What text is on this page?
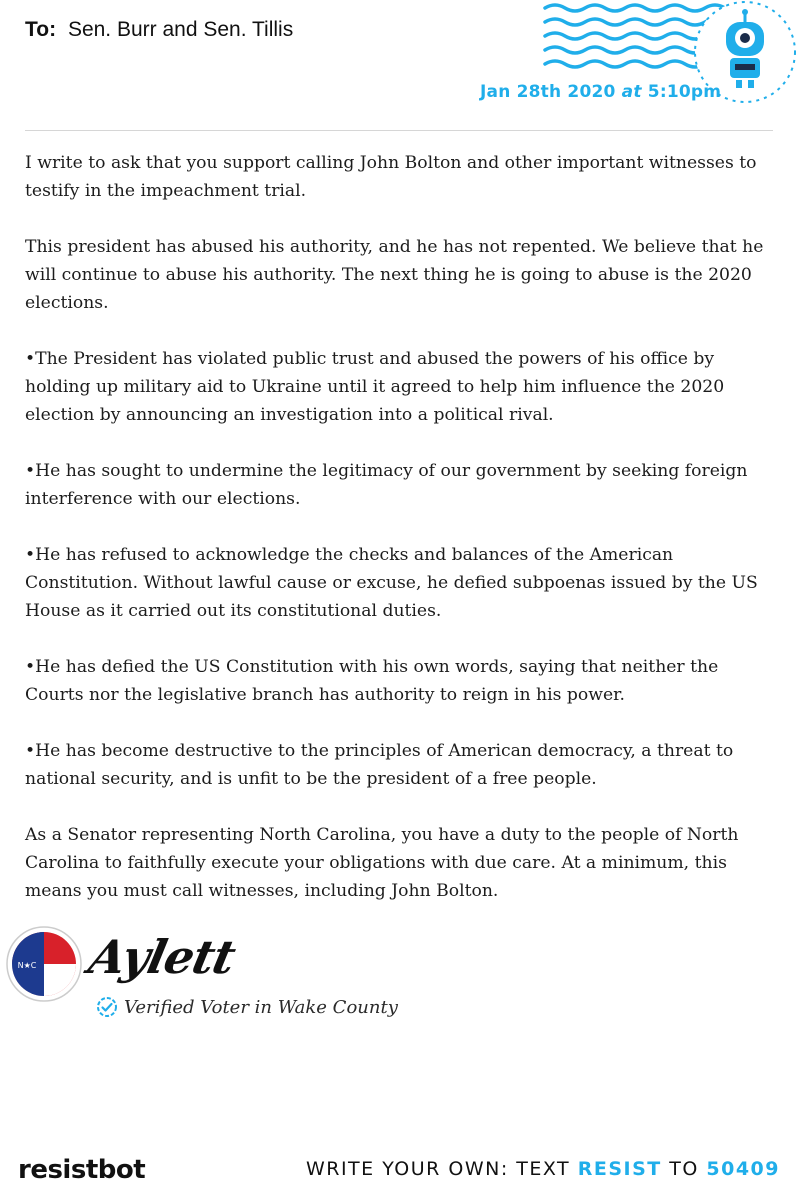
To: Sen. Burr and Sen. Tillis
Jan 28th 2020 at 5:10pm

I write to ask that you support calling John Bolton and other important witnesses to testify in the impeachment trial.

This president has abused his authority, and he has not repented. We believe that he will continue to abuse his authority. The next thing he is going to abuse is the 2020 elections.

•The President has violated public trust and abused the powers of his office by holding up military aid to Ukraine until it agreed to help him influence the 2020 election by announcing an investigation into a political rival.

•He has sought to undermine the legitimacy of our government by seeking foreign interference with our elections.

•He has refused to acknowledge the checks and balances of the American Constitution. Without lawful cause or excuse, he defied subpoenas issued by the US House as it carried out its constitutional duties.

•He has defied the US Constitution with his own words, saying that neither the Courts nor the legislative branch has authority to reign in his power.

•He has become destructive to the principles of American democracy, a threat to national security, and is unfit to be the president of a free people.

As a Senator representing North Carolina, you have a duty to the people of North Carolina to faithfully execute your obligations with due care. At a minimum, this means you must call witnesses, including John Bolton.

N★C Aylett
Verified Voter in Wake County
resistbot	WRITE YOUR OWN: TEXT RESIST TO 50409
